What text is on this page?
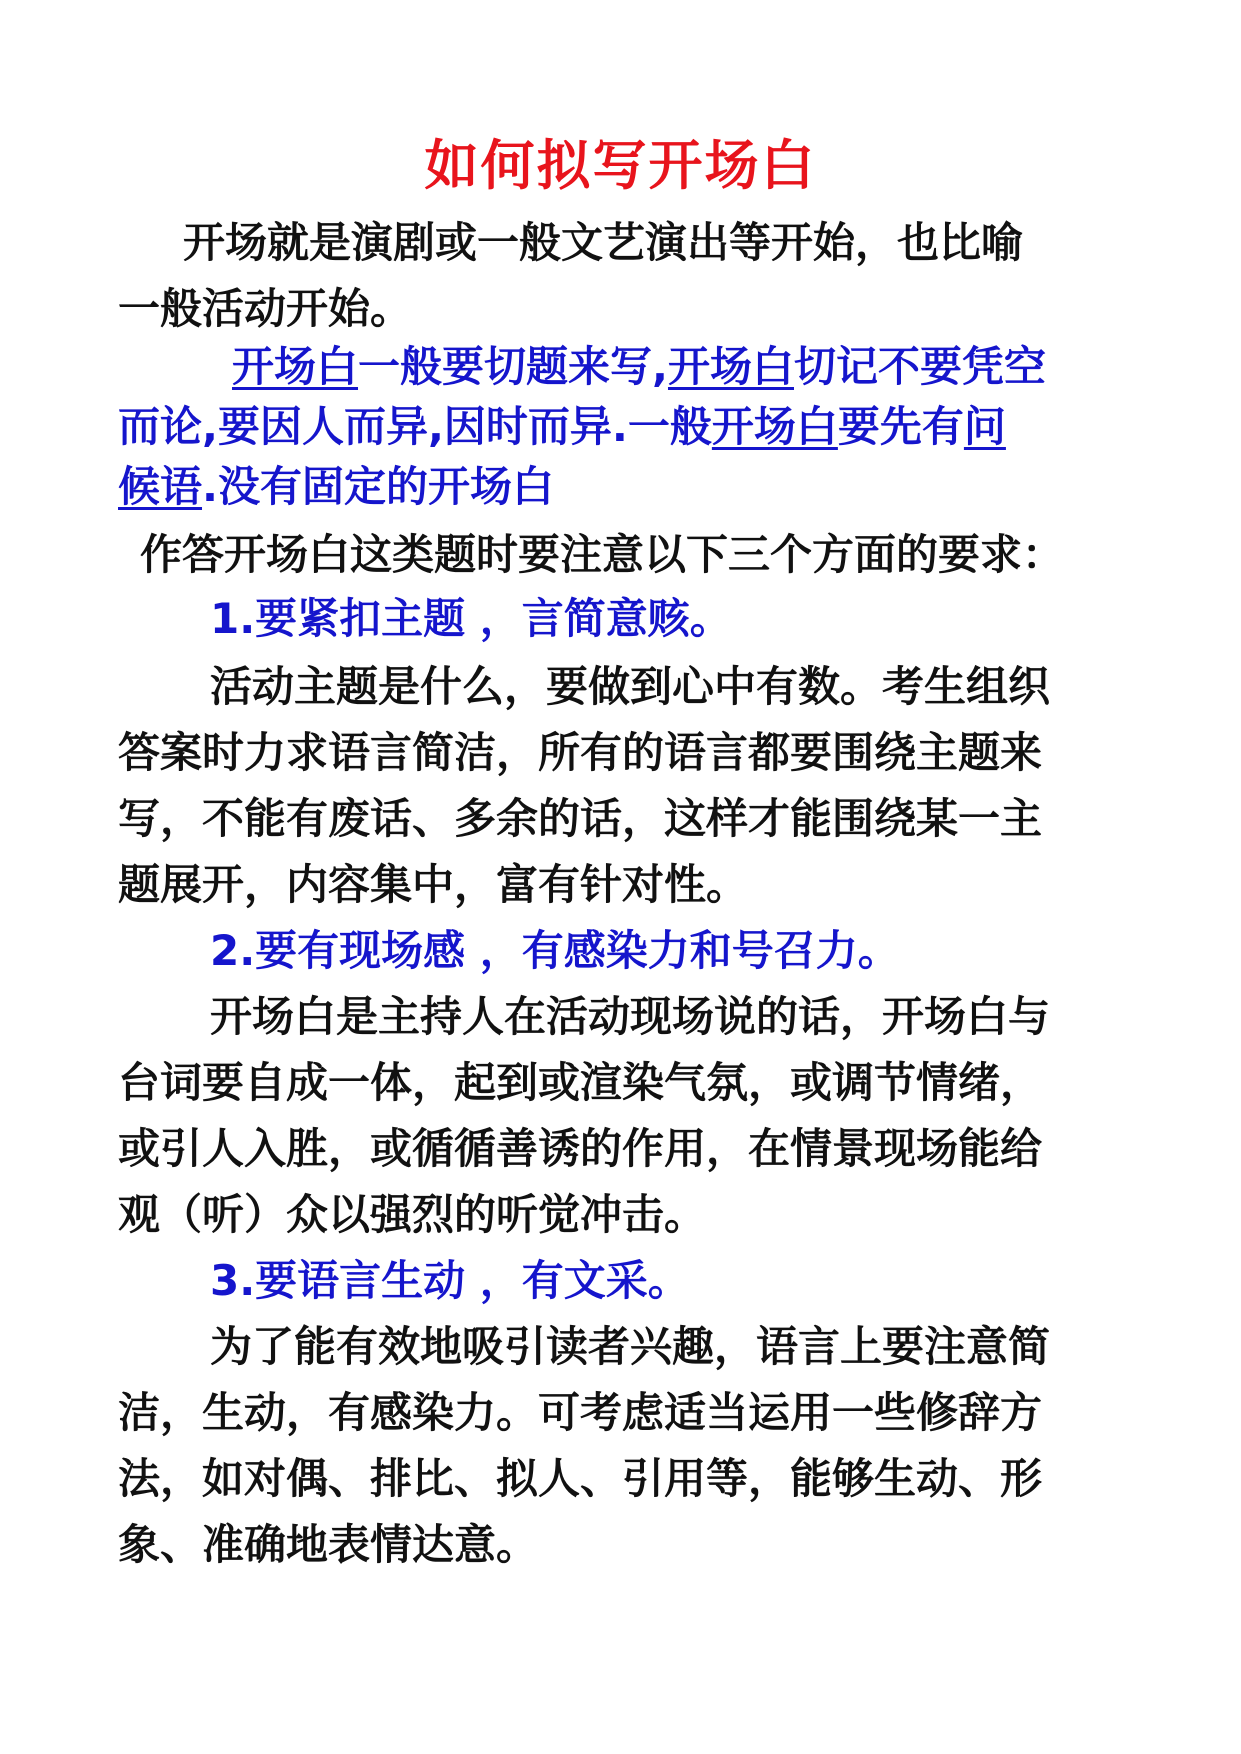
如何拟写开场白
开场就是演剧或一般文艺演出等开始，也比喻
一般活动开始。
开场白一般要切题来写,开场白切记不要凭空
而论,要因人而异,因时而异.一般开场白要先有问
候语.没有固定的开场白
作答开场白这类题时要注意以下三个方面的要求：
1.要紧扣主题 ，言简意赅。
活动主题是什么，要做到心中有数。考生组织
答案时力求语言简洁，所有的语言都要围绕主题来
写，不能有废话、多余的话，这样才能围绕某一主
题展开，内容集中，富有针对性。
2.要有现场感 ，有感染力和号召力。
开场白是主持人在活动现场说的话，开场白与
台词要自成一体，起到或渲染气氛，或调节情绪，
或引人入胜，或循循善诱的作用，在情景现场能给
观（听）众以强烈的听觉冲击。
3.要语言生动 ，有文采。
为了能有效地吸引读者兴趣，语言上要注意简
洁，生动，有感染力。可考虑适当运用一些修辞方
法，如对偶、排比、拟人、引用等，能够生动、形
象、准确地表情达意。
